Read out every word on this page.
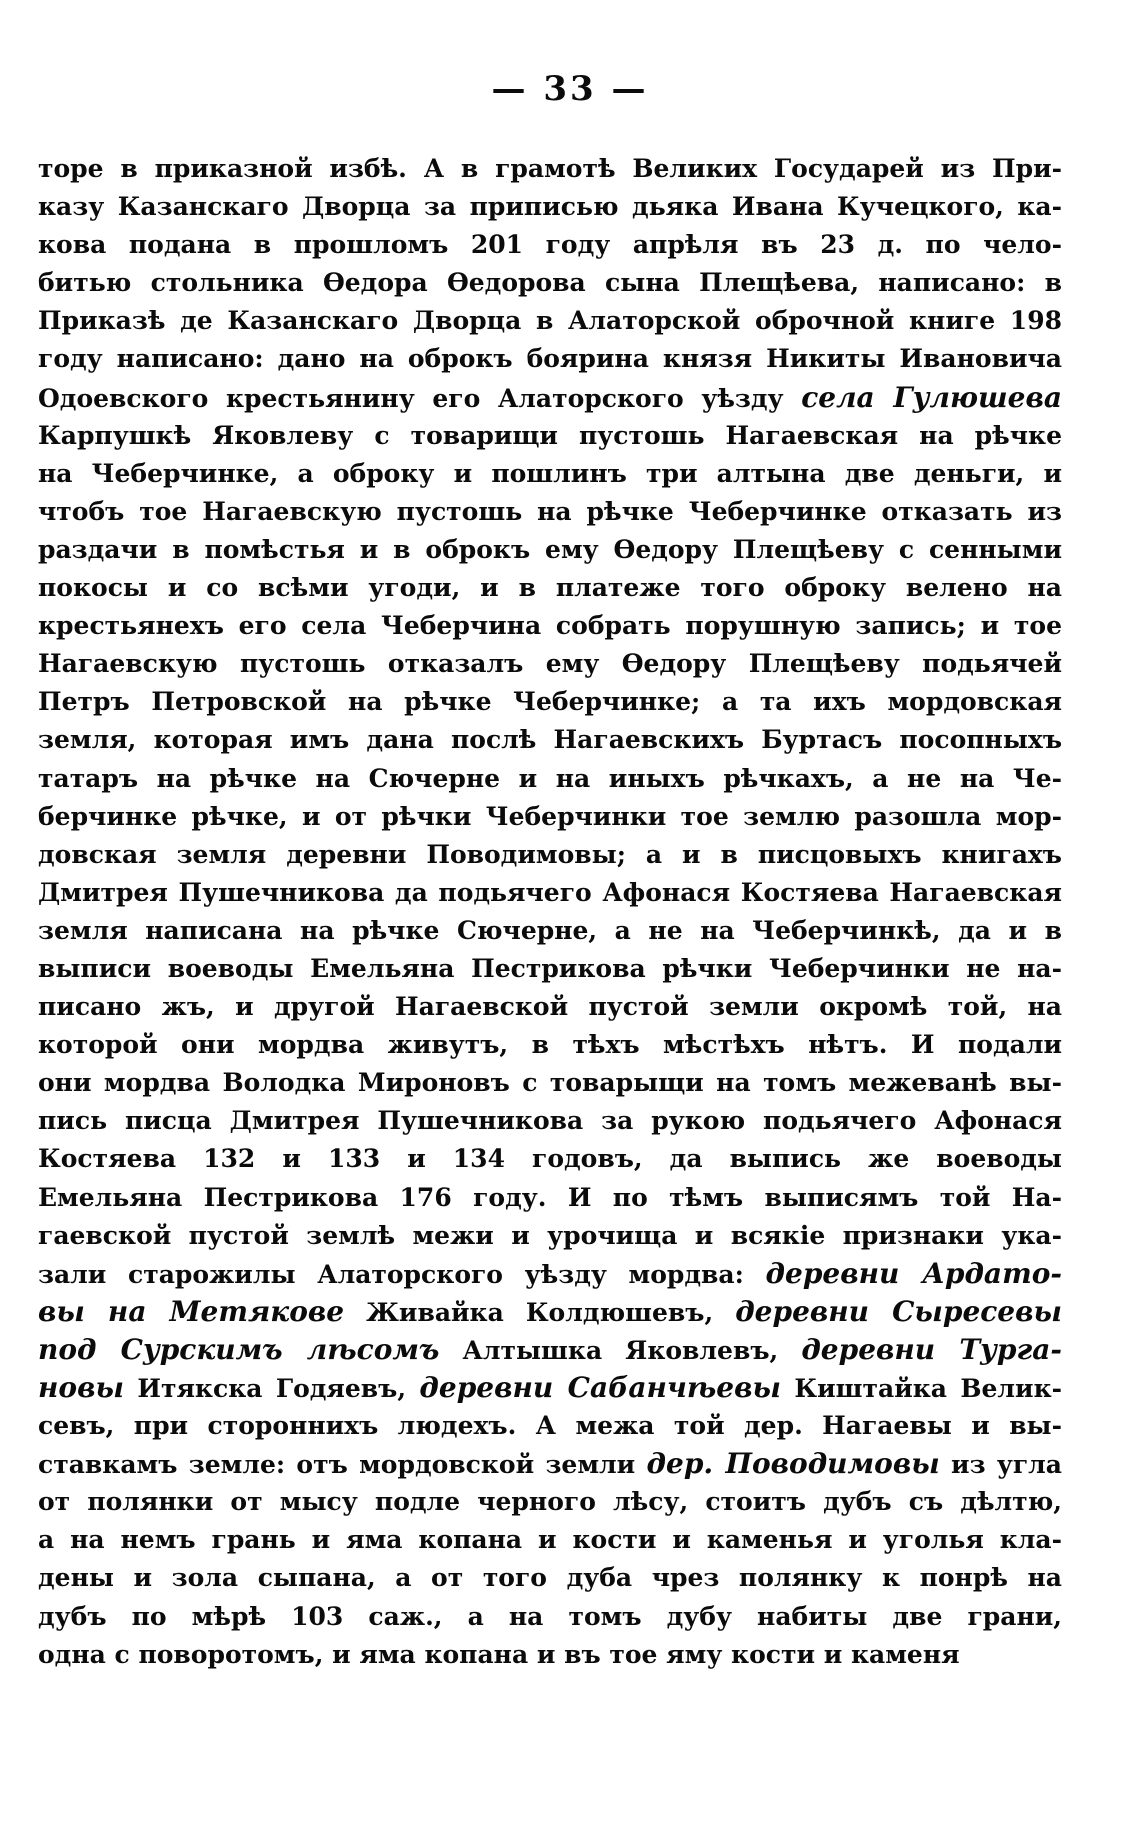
— 33 —
торе в приказной избѣ. А в грамотѣ Великих Государей из При-
казу Казанскаго Дворца за приписью дьяка Ивана Кучецкого, ка-
кова подана в прошломъ 201 году апрѣля въ 23 д. по чело-
битью стольника Ѳедора Ѳедорова сына Плещѣева, написано: в
Приказѣ де Казанскаго Дворца в Алаторской оброчной книге 198
году написано: дано на оброкъ боярина князя Никиты Ивановича
Одоевского крестьянину его Алаторского уѣзду села Гулюшева
Карпушкѣ Яковлеву с товарищи пустошь Нагаевская на рѣчке
на Чеберчинке, а оброку и пошлинъ три алтына две деньги, и
чтобъ тое Нагаевскую пустошь на рѣчке Чеберчинке отказать из
раздачи в помѣстья и в оброкъ ему Ѳедору Плещѣеву с сенными
покосы и со всѣми угоди, и в платеже того оброку велено на
крестьянехъ его села Чеберчина собрать порушную запись; и тое
Нагаевскую пустошь отказалъ ему Ѳедору Плещѣеву подьячей
Петръ Петровской на рѣчке Чеберчинке; а та ихъ мордовская
земля, которая имъ дана послѣ Нагаевскихъ Буртасъ посопныхъ
татаръ на рѣчке на Сючерне и на иныхъ рѣчкахъ, а не на Че-
берчинке рѣчке, и от рѣчки Чеберчинки тое землю разошла мор-
довская земля деревни Поводимовы; а и в писцовыхъ книгахъ
Дмитрея Пушечникова да подьячего Афонася Костяева Нагаевская
земля написана на рѣчке Сючерне, а не на Чеберчинкѣ, да и в
выписи воеводы Емельяна Пестрикова рѣчки Чеберчинки не на-
писано жъ, и другой Нагаевской пустой земли окромѣ той, на
которой они мордва живутъ, в тѣхъ мѣстѣхъ нѣтъ. И подали
они мордва Володка Мироновъ с товарыщи на томъ межеванѣ вы-
пись писца Дмитрея Пушечникова за рукою подьячего Афонася
Костяева 132 и 133 и 134 годовъ, да выпись же воеводы
Емельяна Пестрикова 176 году. И по тѣмъ выписямъ той На-
гаевской пустой землѣ межи и урочища и всякіе признаки ука-
зали старожилы Алаторского уѣзду мордва: деревни Ардато-
вы на Метякове Живайка Колдюшевъ, деревни Сыресевы
под Сурскимъ лѣсомъ Алтышка Яковлевъ, деревни Турга-
новы Итякска Годяевъ, деревни Сабанчѣевы Киштайка Велик-
севъ, при стороннихъ людехъ. А межа той дер. Нагаевы и вы-
ставкамъ земле: отъ мордовской земли дер. Поводимовы из угла
от полянки от мысу подле черного лѣсу, стоитъ дубъ съ дѣлтю,
а на немъ грань и яма копана и кости и каменья и уголья кла-
дены и зола сыпана, а от того дуба чрез полянку к понрѣ на
дубъ по мѣрѣ 103 саж., а на томъ дубу набиты две грани,
одна с поворотомъ, и яма копана и въ тое яму кости и каменя
